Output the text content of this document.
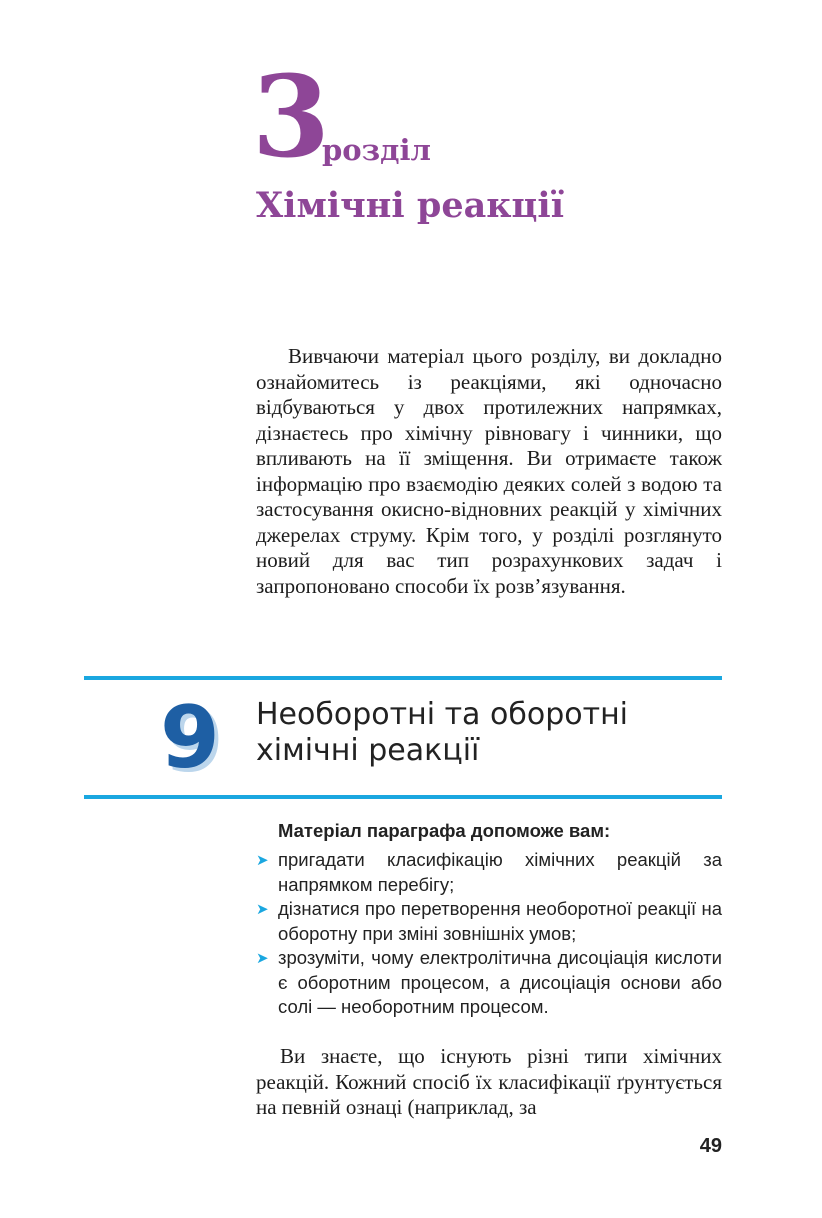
3
розділ
Хімічні реакції

Вивчаючи матеріал цього розділу, ви докладно ознайомитесь із реакціями, які одночасно відбуваються у двох протилежних напрямках, дізнаєтесь про хімічну рівновагу і чинники, що впливають на її зміщення. Ви отримаєте також інформацію про взаємодію деяких солей з водою та застосування окисно-відновних реакцій у хімічних джерелах струму. Крім того, у розділі розглянуто новий для вас тип розрахункових задач і запропоновано способи їх розв’язування.

9 Необоротні та оборотні
хімічні реакції
Матеріал параграфа допоможе вам:
➤ пригадати класифікацію хімічних реакцій за напрямком перебігу;
➤ дізнатися про перетворення необоротної реакції на оборотну при зміні зовнішніх умов;
➤ зрозуміти, чому електролітична дисоціація кислоти є оборотним процесом, а дисоціація основи або солі — необоротним процесом.

Ви знаєте, що існують різні типи хімічних реакцій. Кожний спосіб їх класифікації ґрунтується на певній ознаці (наприклад, за

49
